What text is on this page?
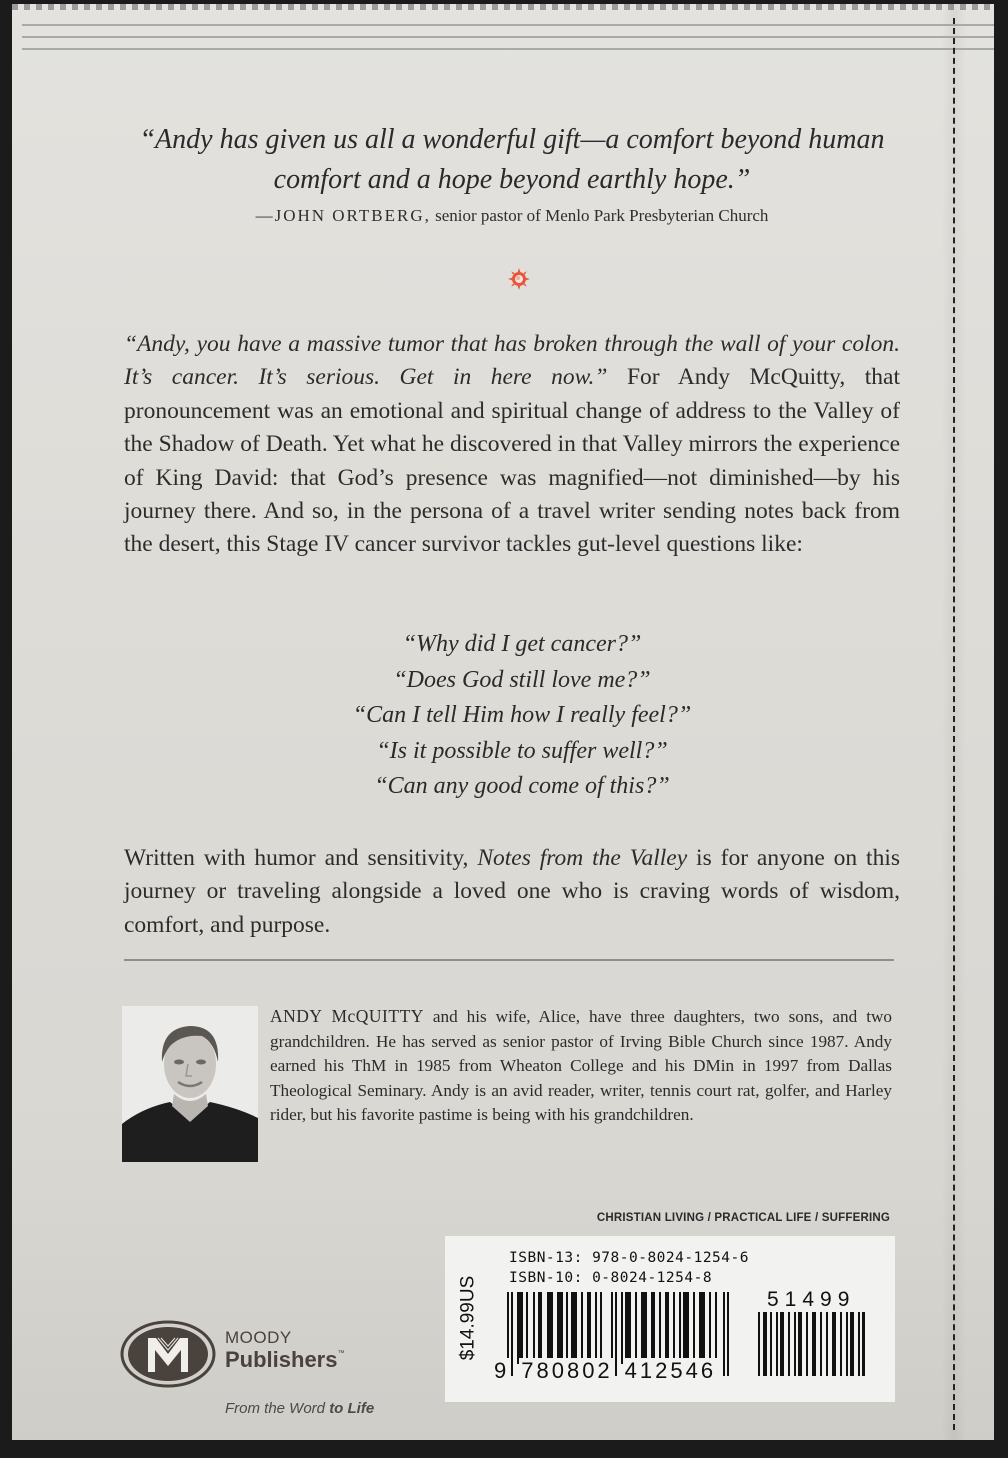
“Andy has given us all a wonderful gift—a comfort beyond human comfort and a hope beyond earthly hope.”

—JOHN ORTBERG, senior pastor of Menlo Park Presbyterian Church

“Andy, you have a massive tumor that has broken through the wall of your colon. It’s cancer. It’s serious. Get in here now.” For Andy McQuitty, that pronouncement was an emotional and spiritual change of address to the Valley of the Shadow of Death. Yet what he discovered in that Valley mirrors the experience of King David: that God’s presence was magnified—not diminished—by his journey there. And so, in the persona of a travel writer sending notes back from the desert, this Stage IV cancer survivor tackles gut-level questions like:

“Why did I get cancer?”
“Does God still love me?”
“Can I tell Him how I really feel?”
“Is it possible to suffer well?”
“Can any good come of this?”

Written with humor and sensitivity, Notes from the Valley is for anyone on this journey or traveling alongside a loved one who is craving words of wisdom, comfort, and purpose.

ANDY McQUITTY and his wife, Alice, have three daughters, two sons, and two grandchildren. He has served as senior pastor of Irving Bible Church since 1987. Andy earned his ThM in 1985 from Wheaton College and his DMin in 1997 from Dallas Theological Seminary. Andy is an avid reader, writer, tennis court rat, golfer, and Harley rider, but his favorite pastime is being with his grandchildren.

CHRISTIAN LIVING / PRACTICAL LIFE / SUFFERING
$14.99US
ISBN-13: 978-0-8024-1254-6
ISBN-10: 0-8024-1254-8
9 780802 412546
51499
MOODY
Publishers™
From the Word to Life
